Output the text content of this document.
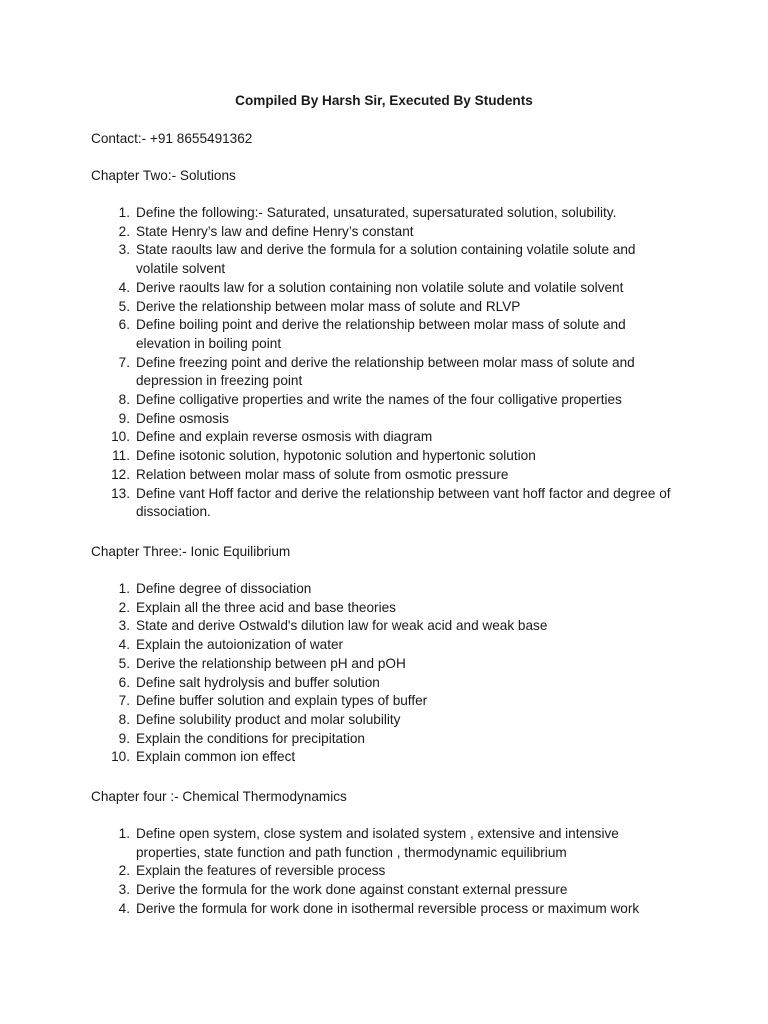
Compiled By Harsh Sir, Executed By Students
Contact:- +91 8655491362
Chapter Two:- Solutions
1. Define the following:- Saturated, unsaturated, supersaturated solution, solubility.
2. State Henry’s law and define Henry’s constant
3. State raoults law and derive the formula for a solution containing volatile solute and volatile solvent
4. Derive raoults law for a solution containing non volatile solute and volatile solvent
5. Derive the relationship between molar mass of solute and RLVP
6. Define boiling point and derive the relationship between molar mass of solute and elevation in boiling point
7. Define freezing point and derive the relationship between molar mass of solute and depression in freezing point
8. Define colligative properties and write the names of the four colligative properties
9. Define osmosis
10. Define and explain reverse osmosis with diagram
11. Define isotonic solution, hypotonic solution and hypertonic solution
12. Relation between molar mass of solute from osmotic pressure
13. Define vant Hoff factor and derive the relationship between vant hoff factor and degree of dissociation.
Chapter Three:- Ionic Equilibrium
1. Define degree of dissociation
2. Explain all the three acid and base theories
3. State and derive Ostwald's dilution law for weak acid and weak base
4. Explain the autoionization of water
5. Derive the relationship between pH and pOH
6. Define salt hydrolysis and buffer solution
7. Define buffer solution and explain types of buffer
8. Define solubility product and molar solubility
9. Explain the conditions for precipitation
10. Explain common ion effect
Chapter four :- Chemical Thermodynamics
1. Define open system, close system and isolated system , extensive and intensive properties, state function and path function , thermodynamic equilibrium
2. Explain the features of reversible process
3. Derive the formula for the work done against constant external pressure
4. Derive the formula for work done in isothermal reversible process or maximum work
